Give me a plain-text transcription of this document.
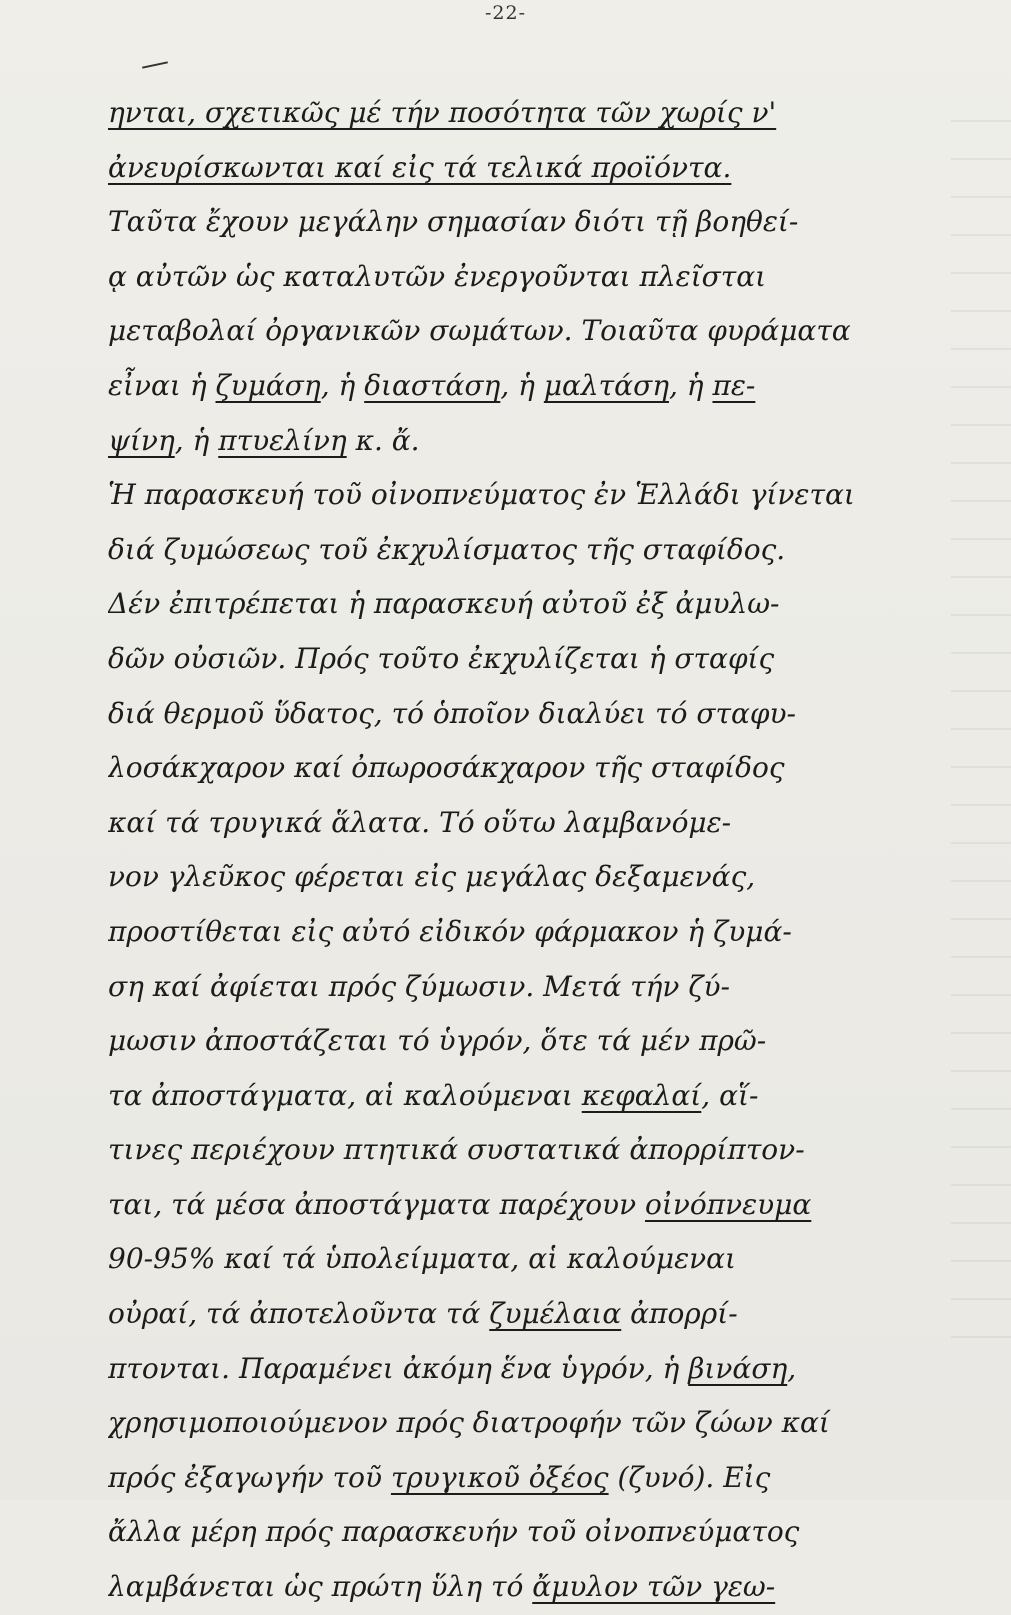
-22-
ηνται, σχετικῶς μέ τήν ποσότητα τῶν χωρίς ν'
ἀνευρίσκωνται καί εἰς τά τελικά προϊόντα.
Ταῦτα ἔχουν μεγάλην σημασίαν διότι τῇ βοηθεί-
ᾳ αὐτῶν ὡς καταλυτῶν ἐνεργοῦνται πλεῖσται
μεταβολαί ὀργανικῶν σωμάτων. Τοιαῦτα φυράματα
εἶναι ἡ ζυμάση, ἡ διαστάση, ἡ μαλτάση, ἡ πε-
ψίνη, ἡ πτυελίνη κ. ἄ.
Ἡ παρασκευή τοῦ οἰνοπνεύματος ἐν Ἑλλάδι γίνεται
διά ζυμώσεως τοῦ ἐκχυλίσματος τῆς σταφίδος.
Δέν ἐπιτρέπεται ἡ παρασκευή αὐτοῦ ἐξ ἀμυλω-
δῶν οὐσιῶν. Πρός τοῦτο ἐκχυλίζεται ἡ σταφίς
διά θερμοῦ ὕδατος, τό ὁποῖον διαλύει τό σταφυ-
λοσάκχαρον καί ὀπωροσάκχαρον τῆς σταφίδος
καί τά τρυγικά ἅλατα. Τό οὕτω λαμβανόμε-
νον γλεῦκος φέρεται εἰς μεγάλας δεξαμενάς,
προστίθεται εἰς αὐτό εἰδικόν φάρμακον ἡ ζυμά-
ση καί ἀφίεται πρός ζύμωσιν. Μετά τήν ζύ-
μωσιν ἀποστάζεται τό ὑγρόν, ὅτε τά μέν πρῶ-
τα ἀποστάγματα, αἱ καλούμεναι κεφαλαί, αἵ-
τινες περιέχουν πτητικά συστατικά ἀπορρίπτον-
ται, τά μέσα ἀποστάγματα παρέχουν οἰνόπνευμα
90-95% καί τά ὑπολείμματα, αἱ καλούμεναι
οὐραί, τά ἀποτελοῦντα τά ζυμέλαια ἀπορρί-
πτονται. Παραμένει ἀκόμη ἕνα ὑγρόν, ἡ βινάση,
χρησιμοποιούμενον πρός διατροφήν τῶν ζώων καί
πρός ἐξαγωγήν τοῦ τρυγικοῦ ὀξέος (ζυνό). Εἰς
ἄλλα μέρη πρός παρασκευήν τοῦ οἰνοπνεύματος
λαμβάνεται ὡς πρώτη ὕλη τό ἄμυλον τῶν γεω-
